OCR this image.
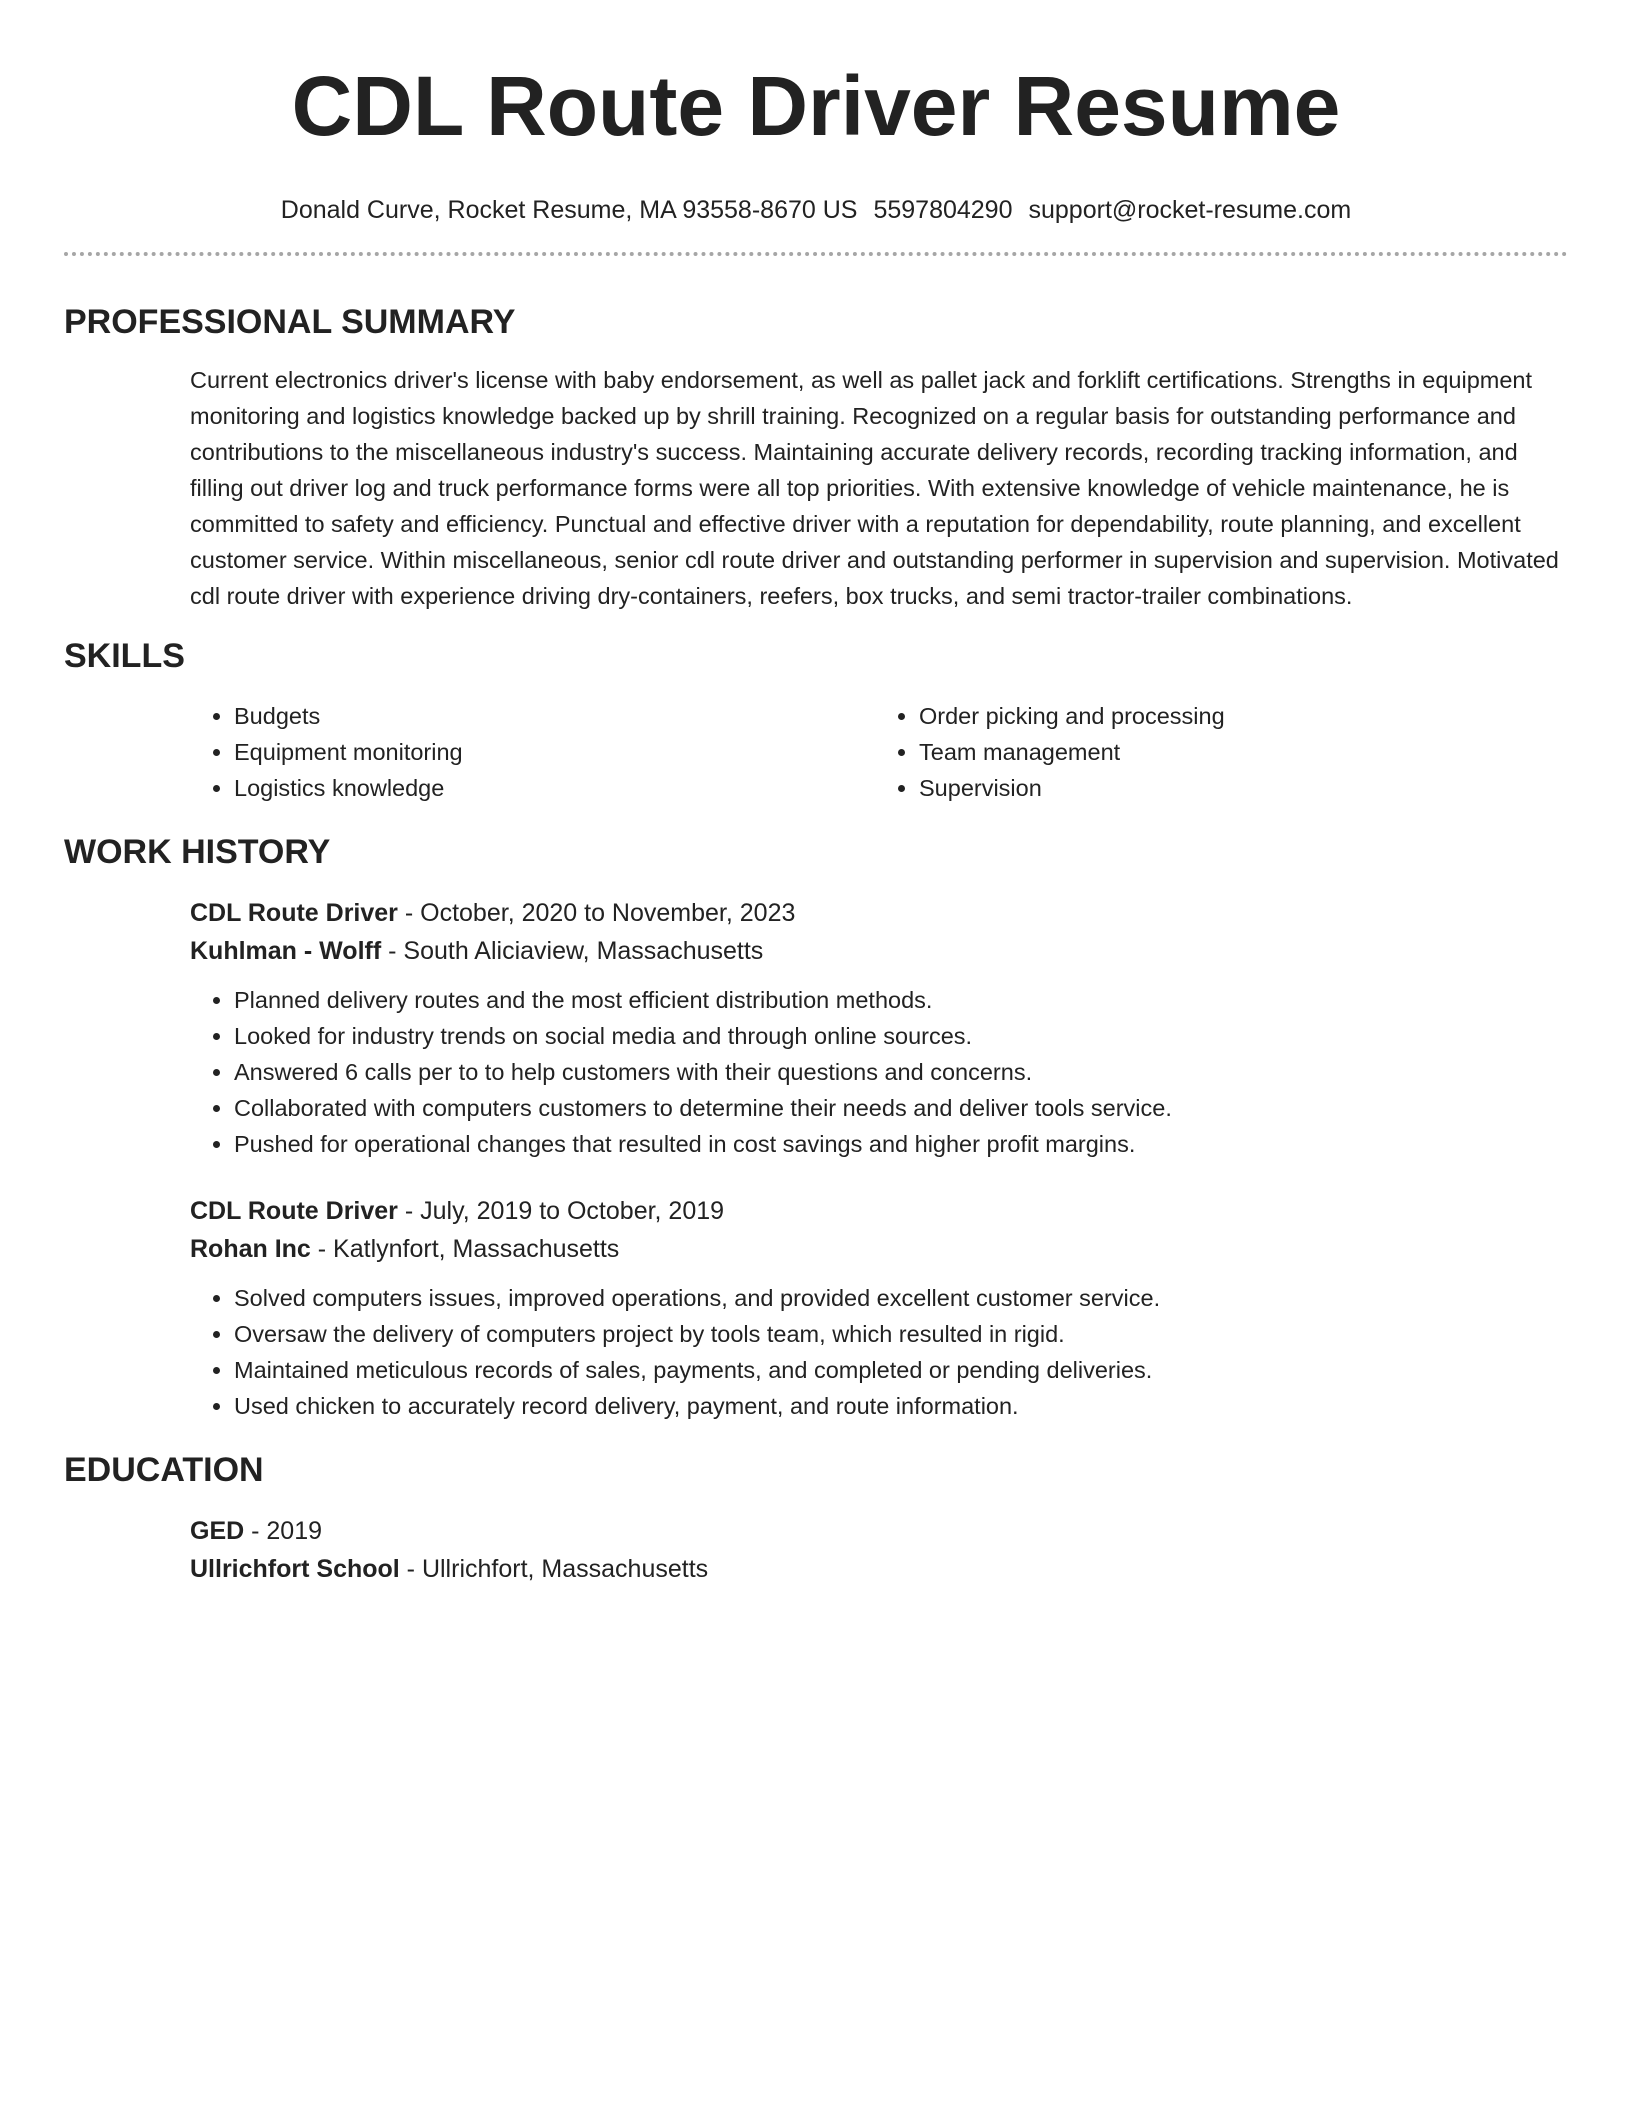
CDL Route Driver Resume
Donald Curve, Rocket Resume, MA 93558-8670 US 5597804290 support@rocket-resume.com
PROFESSIONAL SUMMARY

Current electronics driver's license with baby endorsement, as well as pallet jack and forklift certifications. Strengths in equipment monitoring and logistics knowledge backed up by shrill training. Recognized on a regular basis for outstanding performance and contributions to the miscellaneous industry's success. Maintaining accurate delivery records, recording tracking information, and filling out driver log and truck performance forms were all top priorities. With extensive knowledge of vehicle maintenance, he is committed to safety and efficiency. Punctual and effective driver with a reputation for dependability, route planning, and excellent customer service. Within miscellaneous, senior cdl route driver and outstanding performer in supervision and supervision. Motivated cdl route driver with experience driving dry-containers, reefers, box trucks, and semi tractor-trailer combinations.

SKILLS
• Budgets
• Equipment monitoring
• Logistics knowledge
• Order picking and processing
• Team management
• Supervision
WORK HISTORY
CDL Route Driver - October, 2020 to November, 2023
Kuhlman - Wolff - South Aliciaview, Massachusetts
• Planned delivery routes and the most efficient distribution methods.
• Looked for industry trends on social media and through online sources.
• Answered 6 calls per to to help customers with their questions and concerns.
• Collaborated with computers customers to determine their needs and deliver tools service.
• Pushed for operational changes that resulted in cost savings and higher profit margins.
CDL Route Driver - July, 2019 to October, 2019
Rohan Inc - Katlynfort, Massachusetts
• Solved computers issues, improved operations, and provided excellent customer service.
• Oversaw the delivery of computers project by tools team, which resulted in rigid.
• Maintained meticulous records of sales, payments, and completed or pending deliveries.
• Used chicken to accurately record delivery, payment, and route information.
EDUCATION
GED - 2019
Ullrichfort School - Ullrichfort, Massachusetts
